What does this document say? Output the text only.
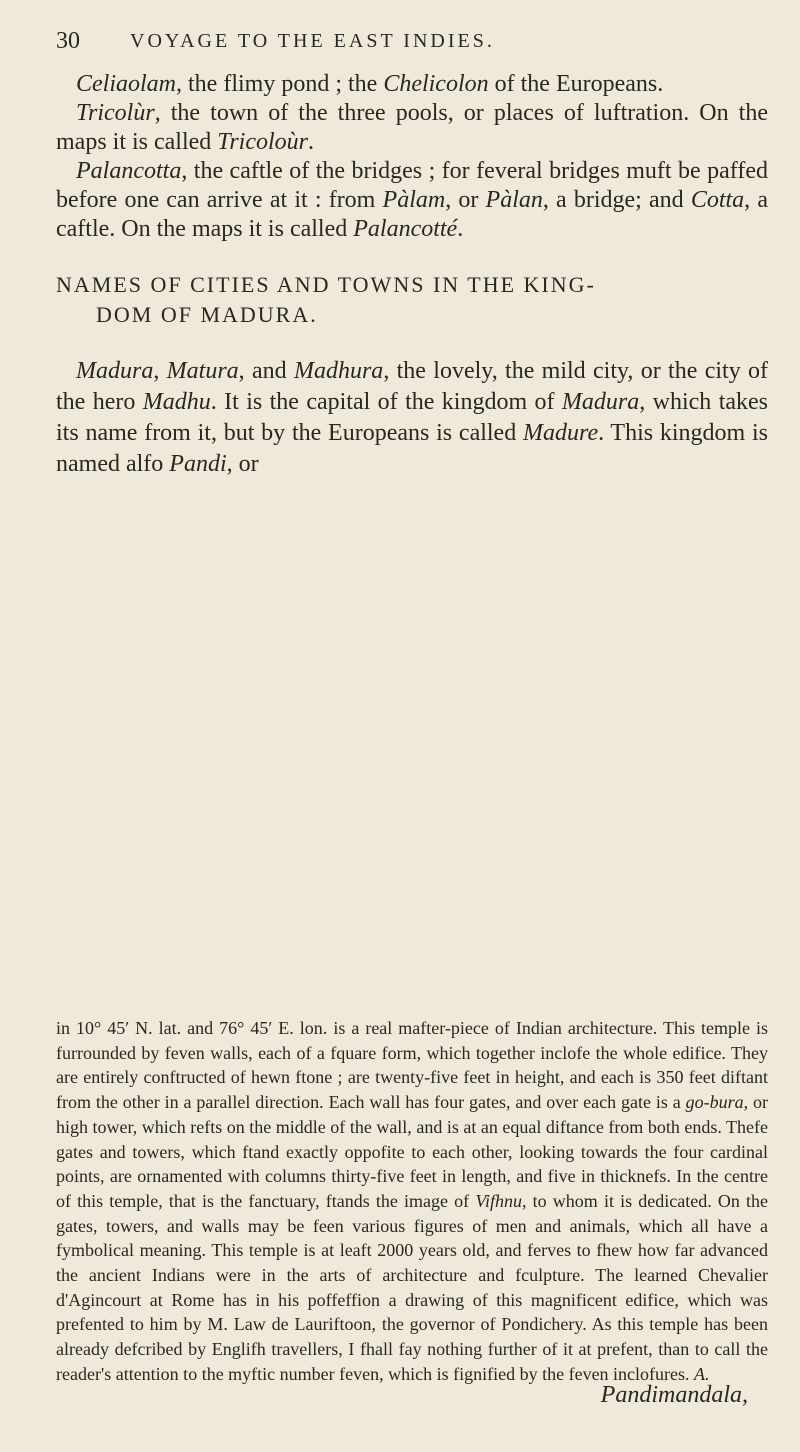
30	VOYAGE TO THE EAST INDIES.

Celiaolam, the flimy pond ; the Chelicolon of the Europeans.

Tricolùr, the town of the three pools, or places of luftration. On the maps it is called Tricoloùr.

Palancotta, the caftle of the bridges ; for feveral bridges muft be paffed before one can arrive at it : from Pàlam, or Pàlan, a bridge; and Cotta, a caftle. On the maps it is called Palancotté.

NAMES OF CITIES AND TOWNS IN THE KING-
DOM OF MADURA.

Madura, Matura, and Madhura, the lovely, the mild city, or the city of the hero Madhu. It is the capital of the kingdom of Madura, which takes its name from it, but by the Europeans is called Madure. This kingdom is named alfo Pandi, or

in 10° 45′ N. lat. and 76° 45′ E. lon. is a real mafter-piece of Indian architecture. This temple is furrounded by feven walls, each of a fquare form, which together inclofe the whole edifice. They are entirely conftructed of hewn ftone ; are twenty-five feet in height, and each is 350 feet diftant from the other in a parallel direction. Each wall has four gates, and over each gate is a go-bura, or high tower, which refts on the middle of the wall, and is at an equal diftance from both ends. Thefe gates and towers, which ftand exactly oppofite to each other, looking towards the four cardinal points, are ornamented with columns thirty-five feet in length, and five in thicknefs. In the centre of this temple, that is the fanctuary, ftands the image of Vifhnu, to whom it is dedicated. On the gates, towers, and walls may be feen various figures of men and animals, which all have a fymbolical meaning. This temple is at leaft 2000 years old, and ferves to fhew how far advanced the ancient Indians were in the arts of architecture and fculpture. The learned Chevalier d'Agincourt at Rome has in his poffeffion a drawing of this magnificent edifice, which was prefented to him by M. Law de Lauriftoon, the governor of Pondichery. As this temple has been already defcribed by Englifh travellers, I fhall fay nothing further of it at prefent, than to call the reader's attention to the myftic number feven, which is fignified by the feven inclofures. A.

Pandimandala,
